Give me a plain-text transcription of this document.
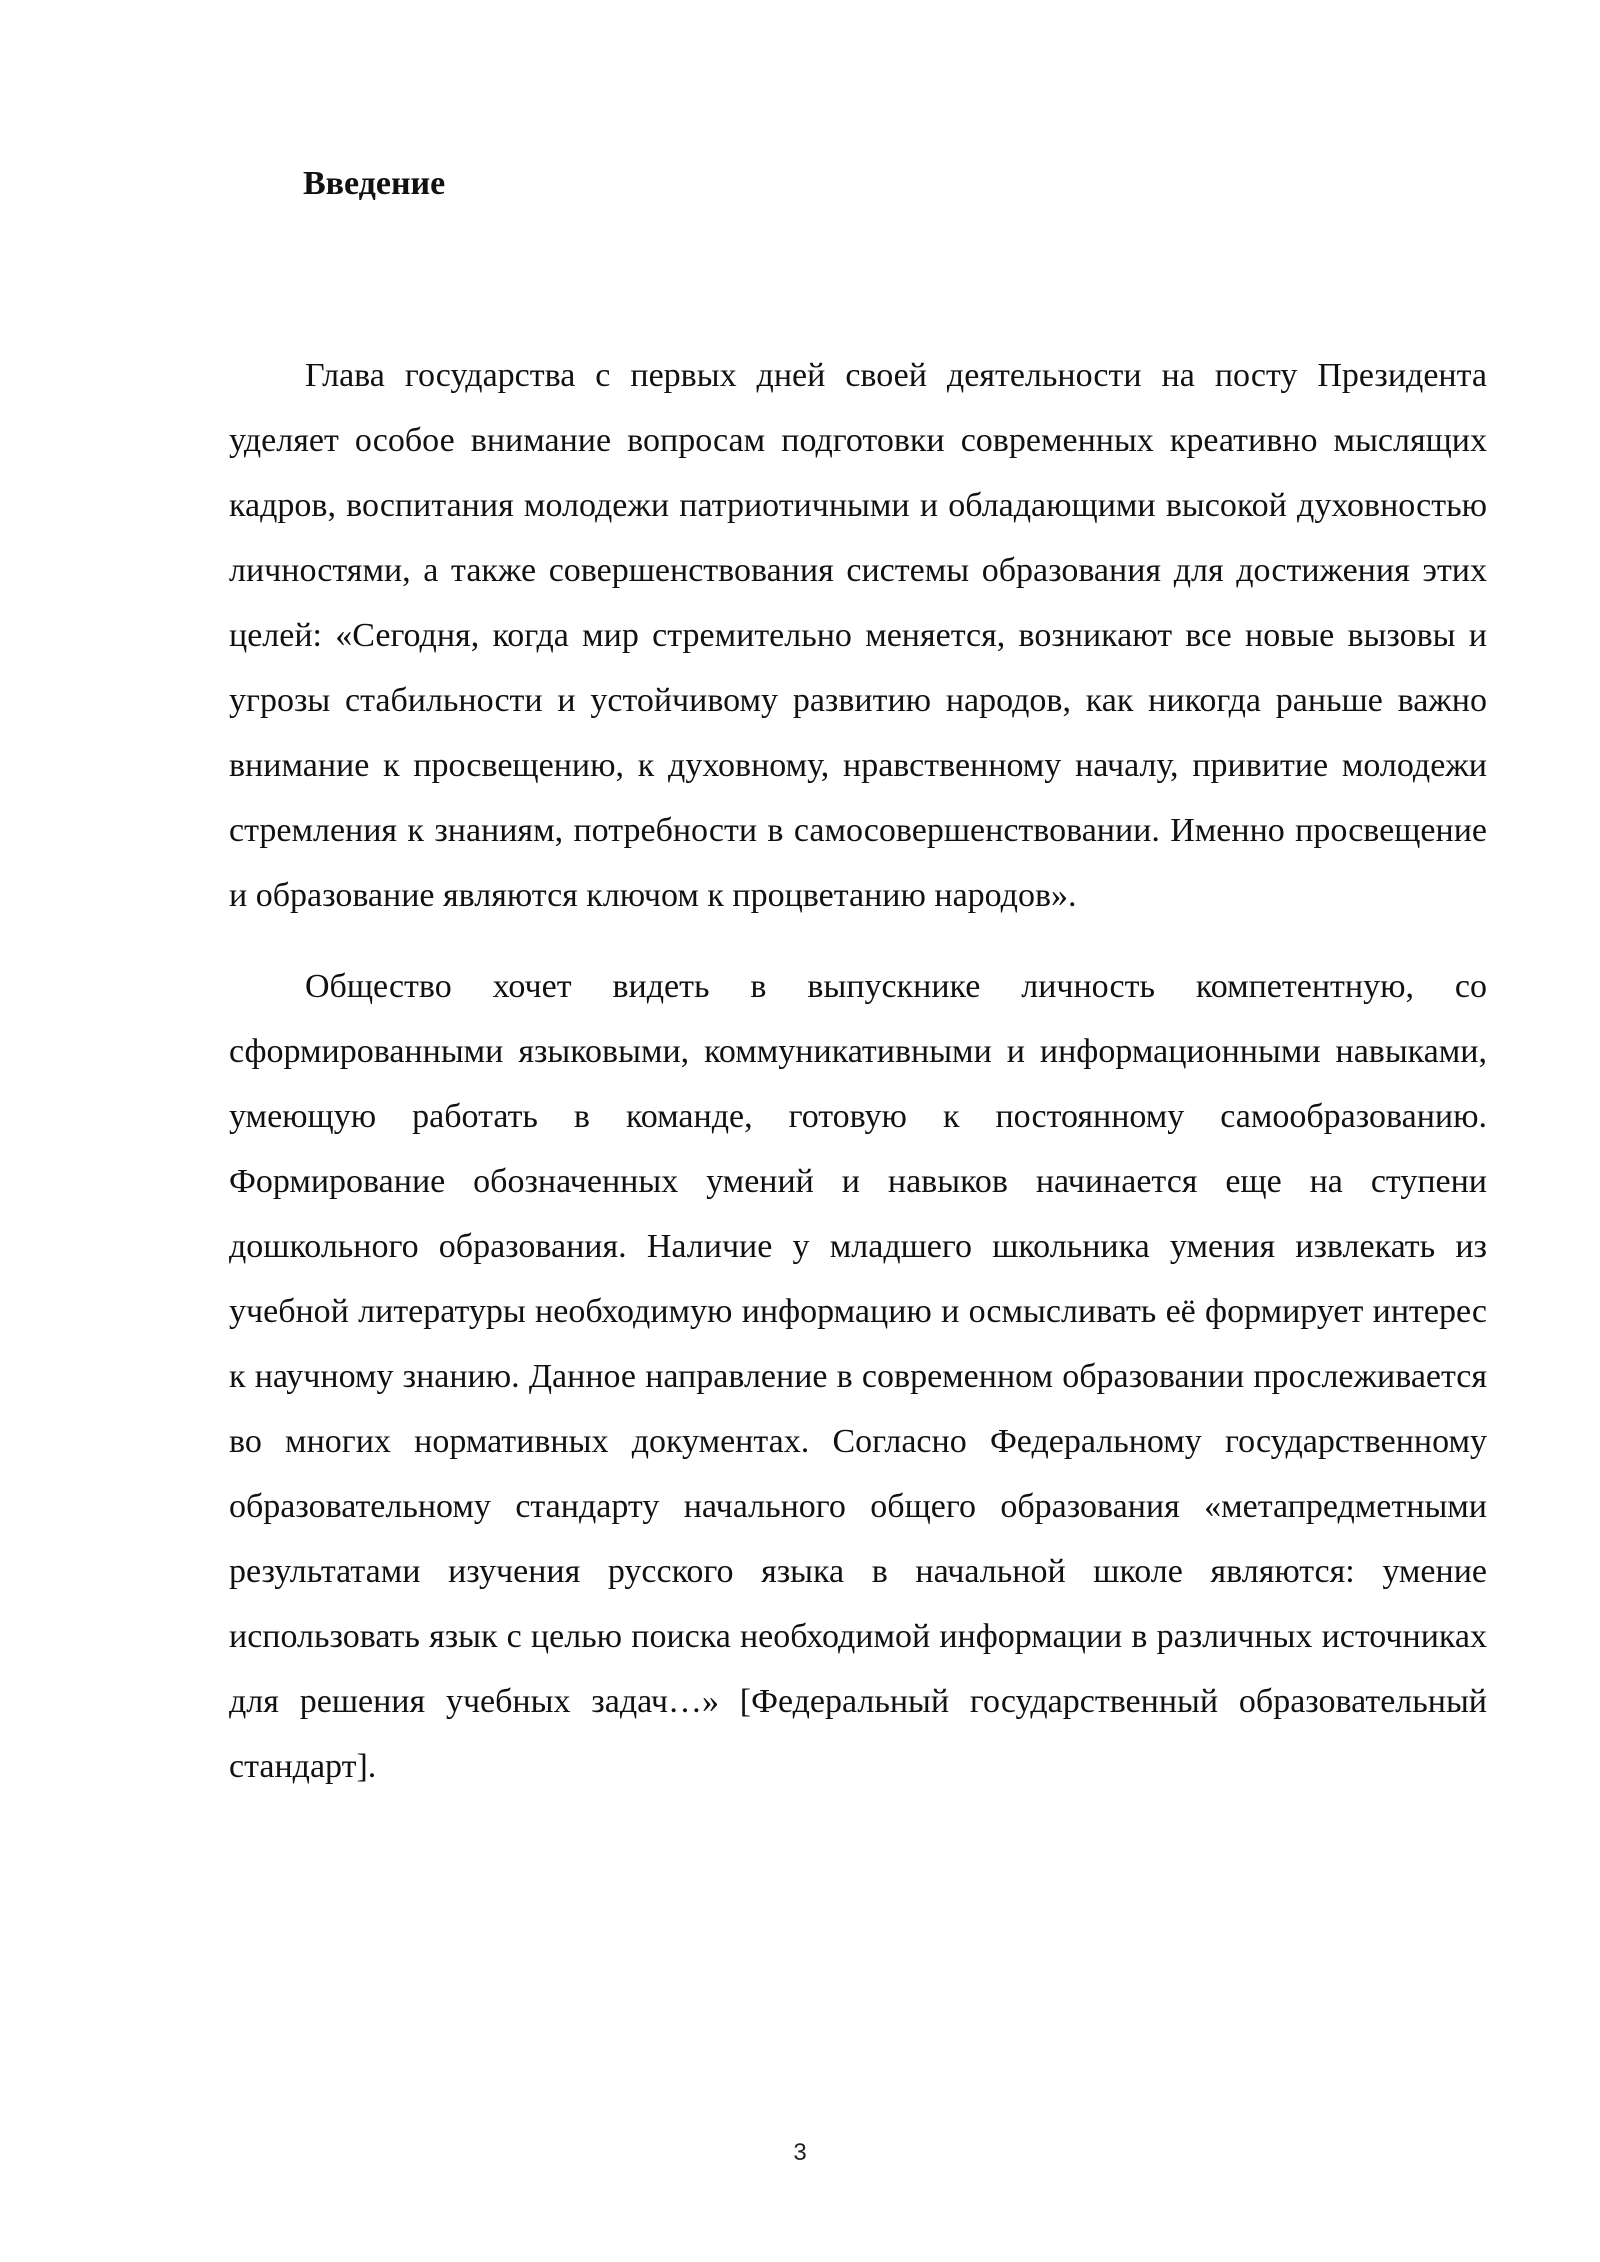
Введение

Глава государства с первых дней своей деятельности на посту Президента уделяет особое внимание вопросам подготовки современных креативно мыслящих кадров, воспитания молодежи патриотичными и обладающими высокой духовностью личностями, а также совершенствования системы образования для достижения этих целей: «Сегодня, когда мир стремительно меняется, возникают все новые вызовы и угрозы стабильности и устойчивому развитию народов, как никогда раньше важно внимание к просвещению, к духовному, нравственному началу, привитие молодежи стремления к знаниям, потребности в самосовершенствовании. Именно просвещение и образование являются ключом к процветанию народов».

Общество хочет видеть в выпускнике личность компетентную, со сформированными языковыми, коммуникативными и информационными навыками, умеющую работать в команде, готовую к постоянному самообразованию. Формирование обозначенных умений и навыков начинается еще на ступени дошкольного образования. Наличие у младшего школьника умения извлекать из учебной литературы необходимую информацию и осмысливать её формирует интерес к научному знанию. Данное направление в современном образовании прослеживается во многих нормативных документах. Согласно Федеральному государственному образовательному стандарту начального общего образования «метапредметными результатами изучения русского языка в начальной школе являются: умение использовать язык с целью поиска необходимой информации в различных источниках для решения учебных задач…» [Федеральный государственный образовательный стандарт].

3
